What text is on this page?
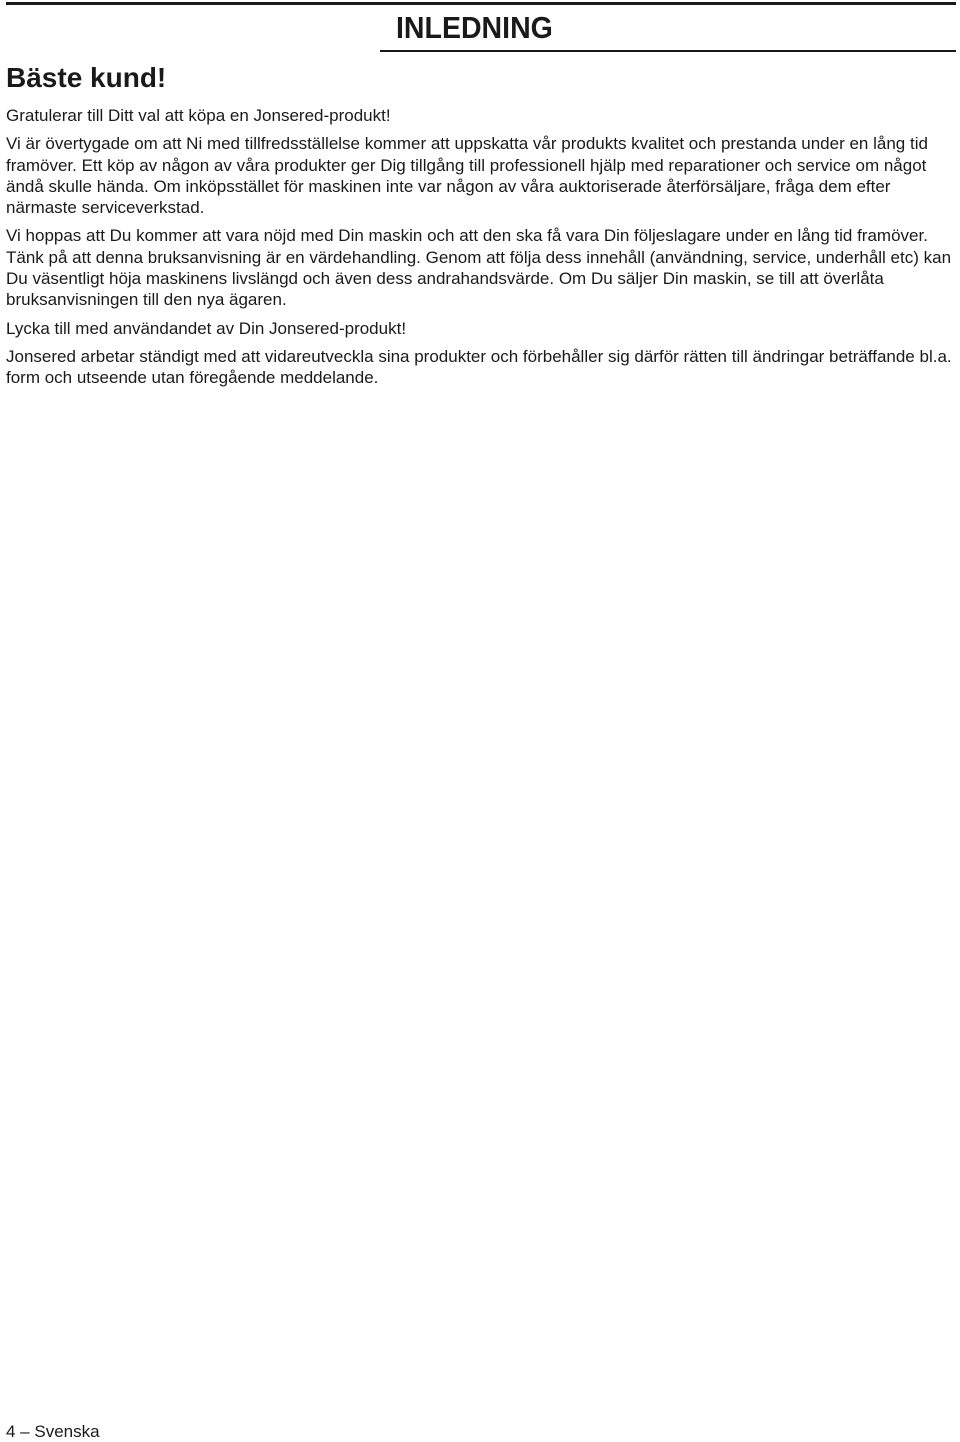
INLEDNING
Bäste kund!

Gratulerar till Ditt val att köpa en Jonsered-produkt!

Vi är övertygade om att Ni med tillfredsställelse kommer att uppskatta vår produkts kvalitet och prestanda under en lång tid framöver. Ett köp av någon av våra produkter ger Dig tillgång till professionell hjälp med reparationer och service om något ändå skulle hända. Om inköpsstället för maskinen inte var någon av våra auktoriserade återförsäljare, fråga dem efter närmaste serviceverkstad.

Vi hoppas att Du kommer att vara nöjd med Din maskin och att den ska få vara Din följeslagare under en lång tid framöver. Tänk på att denna bruksanvisning är en värdehandling. Genom att följa dess innehåll (användning, service, underhåll etc) kan Du väsentligt höja maskinens livslängd och även dess andrahandsvärde. Om Du säljer Din maskin, se till att överlåta bruksanvisningen till den nya ägaren.

Lycka till med användandet av Din Jonsered-produkt!

Jonsered arbetar ständigt med att vidareutveckla sina produkter och förbehåller sig därför rätten till ändringar beträffande bl.a. form och utseende utan föregående meddelande.

4 – Svenska
